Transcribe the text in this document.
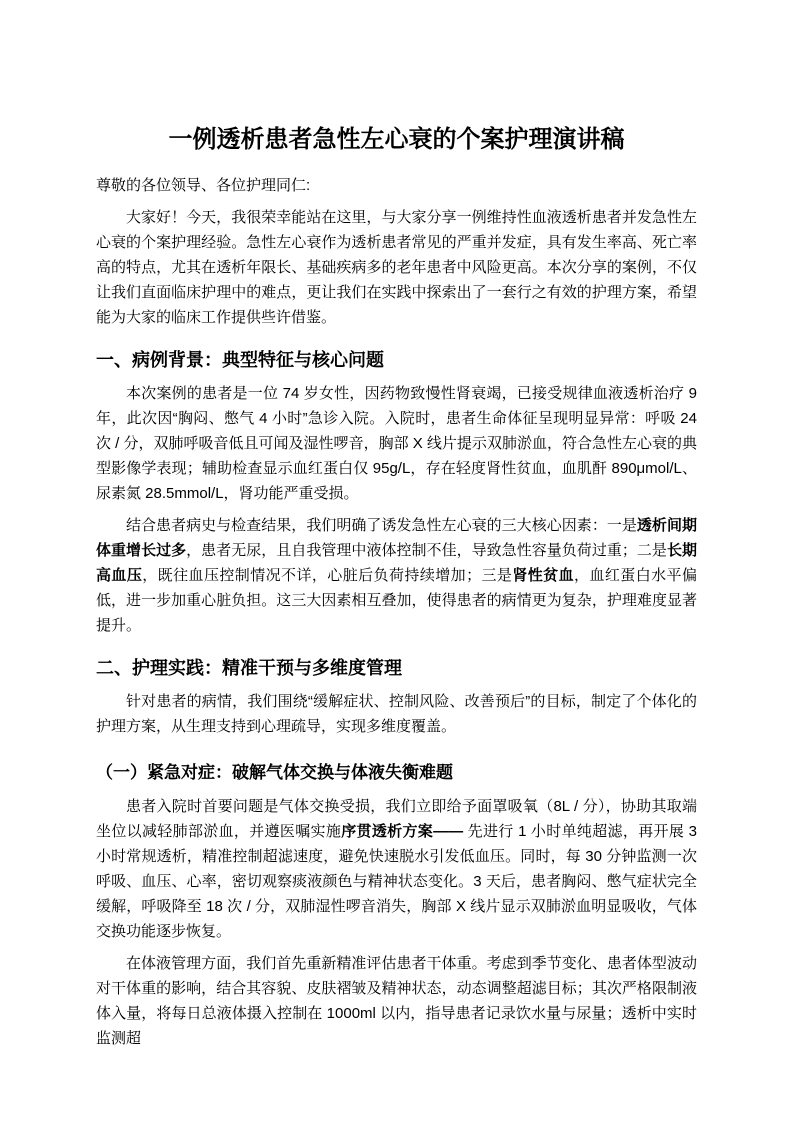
一例透析患者急性左心衰的个案护理演讲稿

尊敬的各位领导、各位护理同仁:

大家好！今天，我很荣幸能站在这里，与大家分享一例维持性血液透析患者并发急性左心衰的个案护理经验。急性左心衰作为透析患者常见的严重并发症，具有发生率高、死亡率高的特点，尤其在透析年限长、基础疾病多的老年患者中风险更高。本次分享的案例，不仅让我们直面临床护理中的难点，更让我们在实践中探索出了一套行之有效的护理方案，希望能为大家的临床工作提供些许借鉴。

一、病例背景：典型特征与核心问题

本次案例的患者是一位 74 岁女性，因药物致慢性肾衰竭，已接受规律血液透析治疗 9 年，此次因“胸闷、憋气 4 小时”急诊入院。入院时，患者生命体征呈现明显异常：呼吸 24 次 / 分，双肺呼吸音低且可闻及湿性啰音，胸部 X 线片提示双肺淤血，符合急性左心衰的典型影像学表现；辅助检查显示血红蛋白仅 95g/L，存在轻度肾性贫血，血肌酐 890μmol/L、尿素氮 28.5mmol/L，肾功能严重受损。

结合患者病史与检查结果，我们明确了诱发急性左心衰的三大核心因素：一是透析间期体重增长过多，患者无尿，且自我管理中液体控制不佳，导致急性容量负荷过重；二是长期高血压，既往血压控制情况不详，心脏后负荷持续增加；三是肾性贫血，血红蛋白水平偏低，进一步加重心脏负担。这三大因素相互叠加，使得患者的病情更为复杂，护理难度显著提升。

二、护理实践：精准干预与多维度管理

针对患者的病情，我们围绕“缓解症状、控制风险、改善预后”的目标，制定了个体化的护理方案，从生理支持到心理疏导，实现多维度覆盖。

（一）紧急对症：破解气体交换与体液失衡难题

患者入院时首要问题是气体交换受损，我们立即给予面罩吸氧（8L / 分），协助其取端坐位以减轻肺部淤血，并遵医嘱实施序贯透析方案—— 先进行 1 小时单纯超滤，再开展 3 小时常规透析，精准控制超滤速度，避免快速脱水引发低血压。同时，每 30 分钟监测一次呼吸、血压、心率，密切观察痰液颜色与精神状态变化。3 天后，患者胸闷、憋气症状完全缓解，呼吸降至 18 次 / 分，双肺湿性啰音消失，胸部 X 线片显示双肺淤血明显吸收，气体交换功能逐步恢复。

在体液管理方面，我们首先重新精准评估患者干体重。考虑到季节变化、患者体型波动对干体重的影响，结合其容貌、皮肤褶皱及精神状态，动态调整超滤目标；其次严格限制液体入量，将每日总液体摄入控制在 1000ml 以内，指导患者记录饮水量与尿量；透析中实时监测超
